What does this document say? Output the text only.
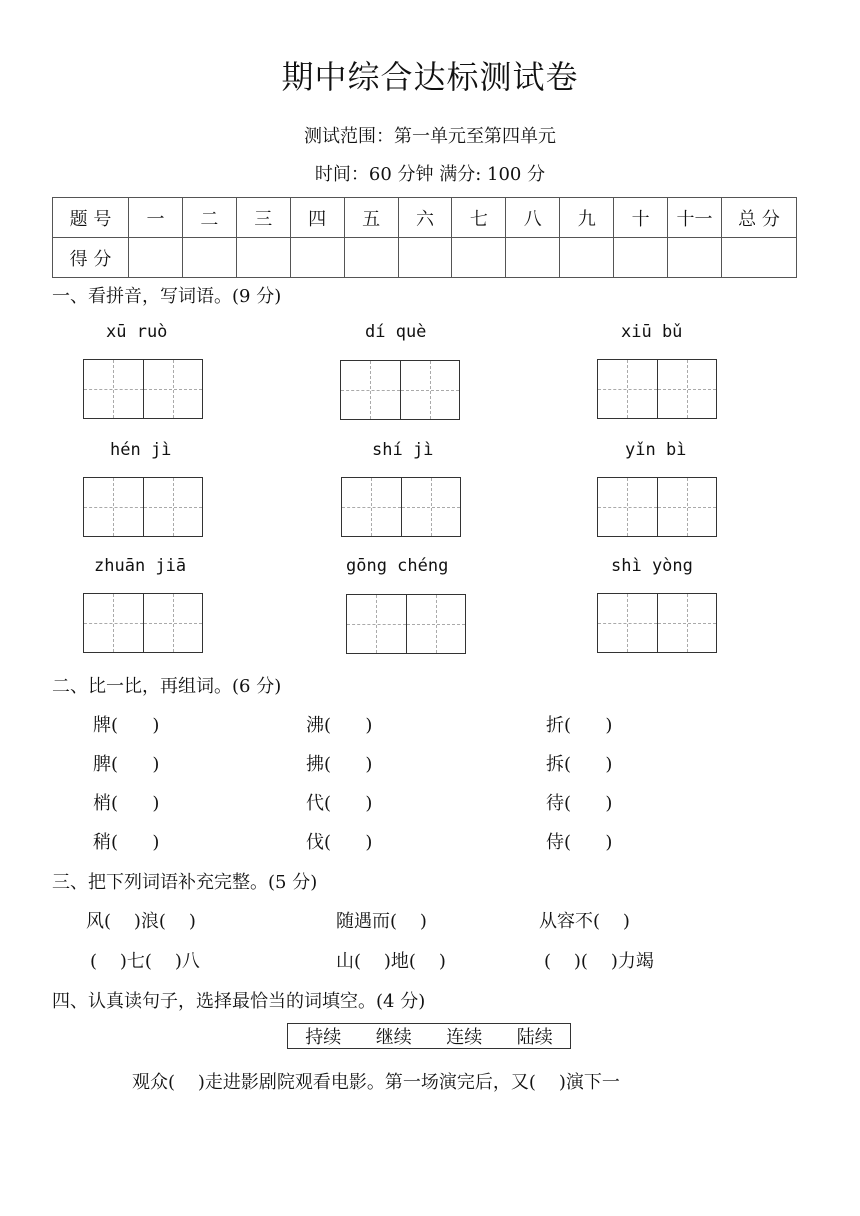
期中综合达标测试卷
测试范围：第一单元至第四单元
时间：60 分钟 满分: 100 分
题 号	一	二	三	四	五	六	七	八	九	十	十一	总 分
得 分												
一、看拼音，写词语。(9 分)
xū ruò	dí què	xiū bǔ
hén jì	shí jì	yǐn bì
zhuān jiā	gōng chéng	shì yòng
二、比一比，再组词。(6 分)
牌(      )	沸(      )	折(      )
脾(      )	拂(      )	拆(      )
梢(      )	代(      )	待(      )
稍(      )	伐(      )	侍(      )
三、把下列词语补充完整。(5 分)
风(    )浪(    )	随遇而(    )	从容不(    )
(    )七(    )八	山(    )地(    )	(    )(    )力竭
四、认真读句子，选择最恰当的词填空。(4 分)
持续 继续 连续 陆续
观众(    )走进影剧院观看电影。第一场演完后，又(    )演下一
